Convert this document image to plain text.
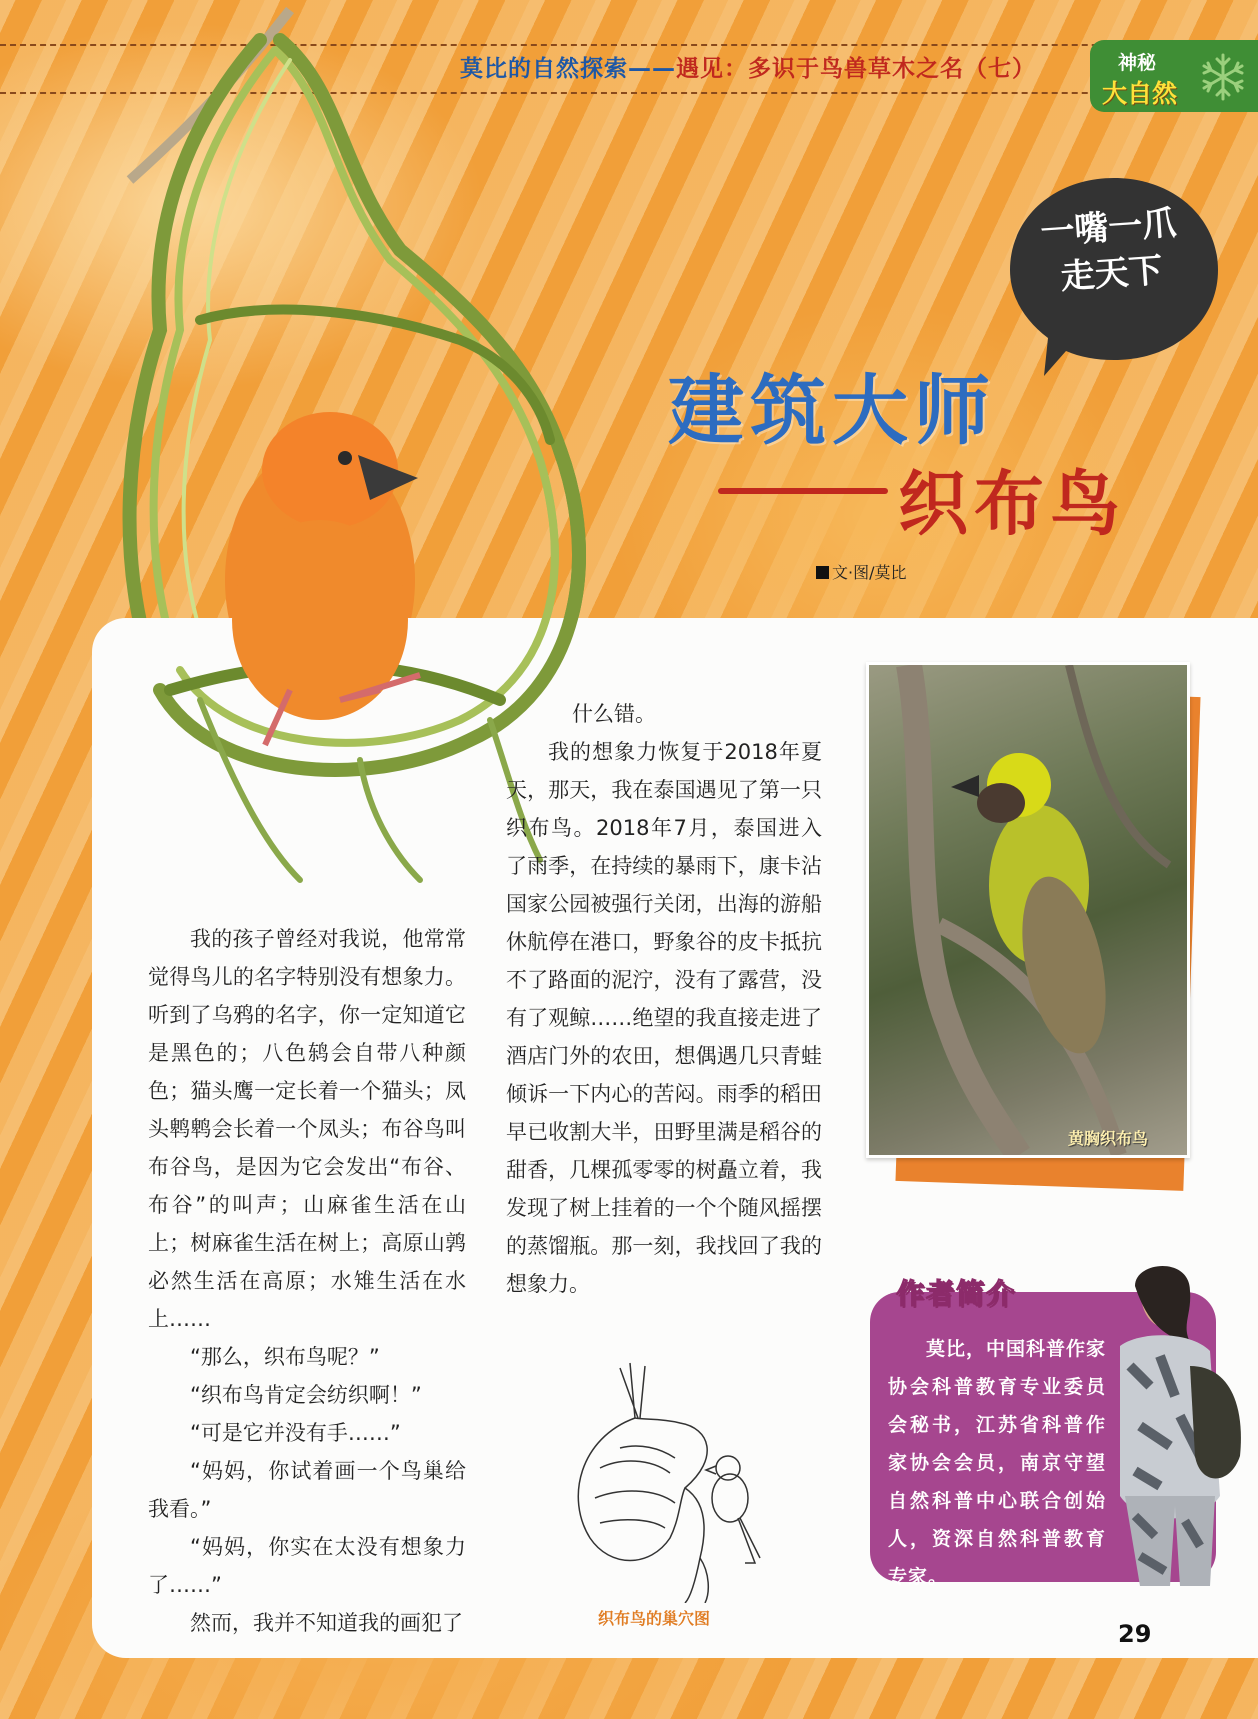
莫比的自然探索——遇见：多识于鸟兽草木之名（七）	神秘
大自然
一嘴一爪
走天下
建筑大师
织布鸟
文·图/莫比

我的孩子曾经对我说，他常常觉得鸟儿的名字特别没有想象力。听到了乌鸦的名字，你一定知道它是黑色的；八色鸫会自带八种颜色；猫头鹰一定长着一个猫头；凤头鹎鹎会长着一个凤头；布谷鸟叫布谷鸟，是因为它会发出“布谷、布谷”的叫声；山麻雀生活在山上；树麻雀生活在树上；高原山鹑必然生活在高原；水雉生活在水上……

“那么，织布鸟呢？”

“织布鸟肯定会纺织啊！”

“可是它并没有手……”

“妈妈，你试着画一个鸟巢给我看。”

“妈妈，你实在太没有想象力了……”

然而，我并不知道我的画犯了

什么错。

我的想象力恢复于2018年夏天，那天，我在泰国遇见了第一只织布鸟。2018年7月，泰国进入了雨季，在持续的暴雨下，康卡沾国家公园被强行关闭，出海的游船休航停在港口，野象谷的皮卡抵抗不了路面的泥泞，没有了露营，没有了观鲸……绝望的我直接走进了酒店门外的农田，想偶遇几只青蛙倾诉一下内心的苦闷。雨季的稻田早已收割大半，田野里满是稻谷的甜香，几棵孤零零的树矗立着，我发现了树上挂着的一个个随风摇摆的蒸馏瓶。那一刻，我找回了我的想象力。

黄胸织布鸟
织布鸟的巢穴图
作者简介

莫比，中国科普作家协会科普教育专业委员会秘书，江苏省科普作家协会会员，南京守望自然科普中心联合创始人，资深自然科普教育专家。

29
